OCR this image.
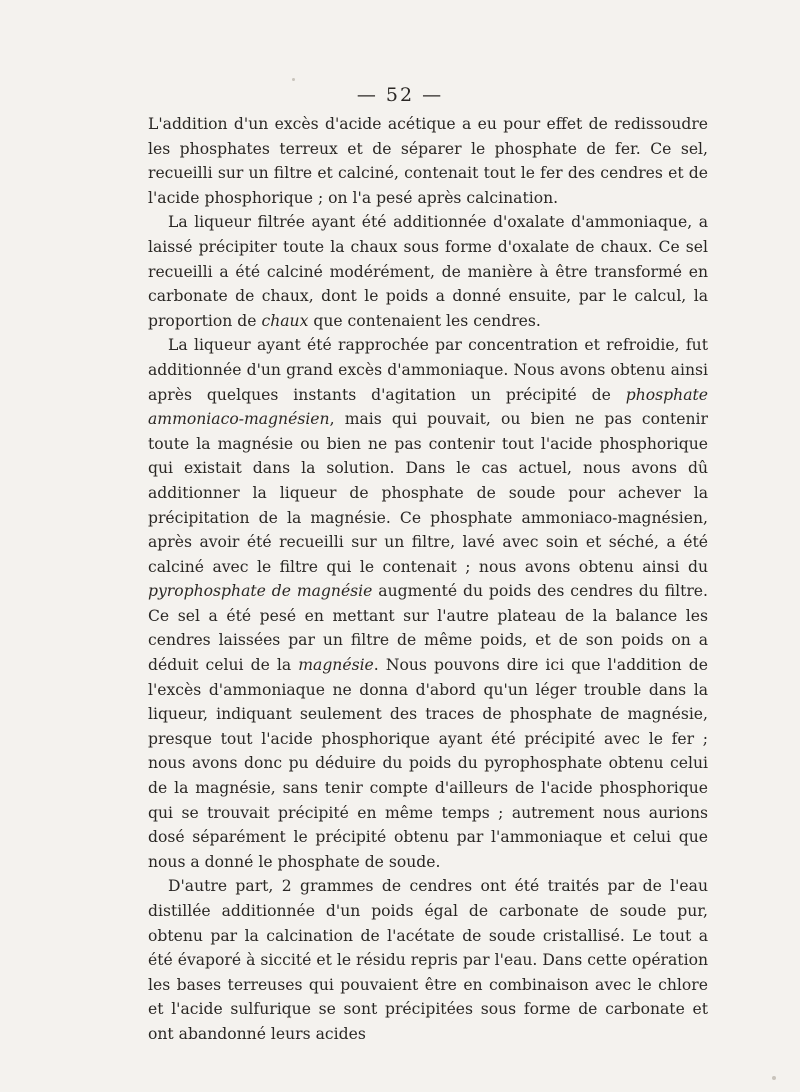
— 52 —

L'addition d'un excès d'acide acétique a eu pour effet de redissoudre les phosphates terreux et de séparer le phosphate de fer. Ce sel, recueilli sur un filtre et calciné, contenait tout le fer des cendres et de l'acide phosphorique ; on l'a pesé après calcination.

La liqueur filtrée ayant été additionnée d'oxalate d'ammoniaque, a laissé précipiter toute la chaux sous forme d'oxalate de chaux. Ce sel recueilli a été calciné modérément, de manière à être transformé en carbonate de chaux, dont le poids a donné ensuite, par le calcul, la proportion de chaux que contenaient les cendres.

La liqueur ayant été rapprochée par concentration et refroidie, fut additionnée d'un grand excès d'ammoniaque. Nous avons obtenu ainsi après quelques instants d'agitation un précipité de phosphate ammoniaco-magnésien, mais qui pouvait, ou bien ne pas contenir toute la magnésie ou bien ne pas contenir tout l'acide phosphorique qui existait dans la solution. Dans le cas actuel, nous avons dû additionner la liqueur de phosphate de soude pour achever la précipitation de la magnésie. Ce phosphate ammoniaco-magnésien, après avoir été recueilli sur un filtre, lavé avec soin et séché, a été calciné avec le filtre qui le contenait ; nous avons obtenu ainsi du pyrophosphate de magnésie augmenté du poids des cendres du filtre. Ce sel a été pesé en mettant sur l'autre plateau de la balance les cendres laissées par un filtre de même poids, et de son poids on a déduit celui de la magnésie. Nous pouvons dire ici que l'addition de l'excès d'ammoniaque ne donna d'abord qu'un léger trouble dans la liqueur, indiquant seulement des traces de phosphate de magnésie, presque tout l'acide phosphorique ayant été précipité avec le fer ; nous avons donc pu déduire du poids du pyrophosphate obtenu celui de la magnésie, sans tenir compte d'ailleurs de l'acide phosphorique qui se trouvait précipité en même temps ; autrement nous aurions dosé séparément le précipité obtenu par l'ammoniaque et celui que nous a donné le phosphate de soude.

D'autre part, 2 grammes de cendres ont été traités par de l'eau distillée additionnée d'un poids égal de carbonate de soude pur, obtenu par la calcination de l'acétate de soude cristallisé. Le tout a été évaporé à siccité et le résidu repris par l'eau. Dans cette opération les bases terreuses qui pouvaient être en combinaison avec le chlore et l'acide sulfurique se sont précipitées sous forme de carbonate et ont abandonné leurs acides
